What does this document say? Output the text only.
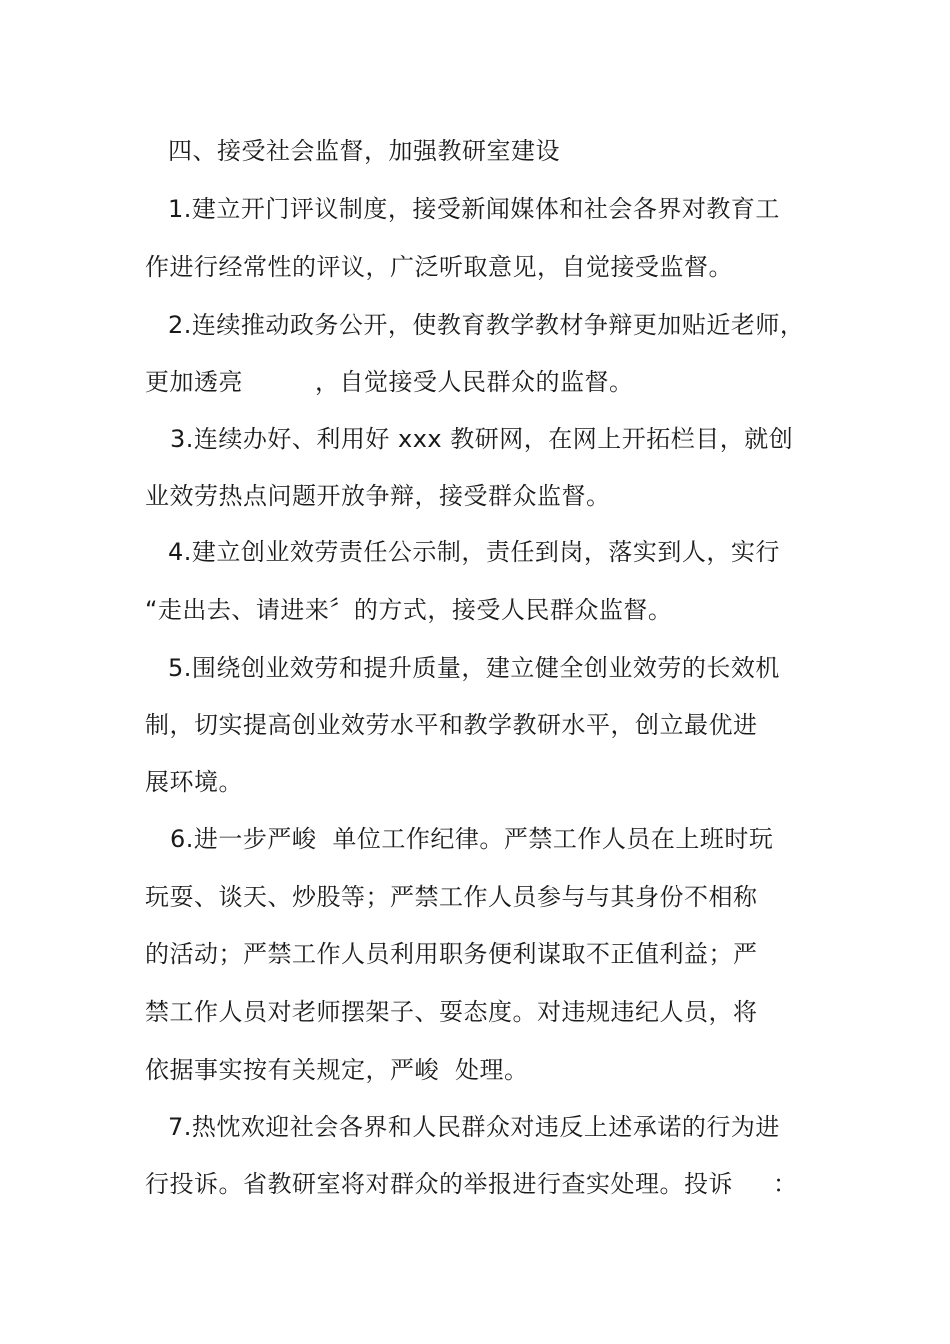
四、接受社会监督，加强教研室建设
1.建立开门评议制度，接受新闻媒体和社会各界对教育工
作进行经常性的评议，广泛听取意见，自觉接受监督。
2.连续推动政务公开，使教育教学教材争辩更加贴近老师，
更加透亮	，自觉接受人民群众的监督。
3.连续办好、利用好 xxx 教研网，在网上开拓栏目，就创
业效劳热点问题开放争辩，接受群众监督。
4.建立创业效劳责任公示制，责任到岗，落实到人，实行
“走出去、请进来〞的方式，接受人民群众监督。
5.围绕创业效劳和提升质量，建立健全创业效劳的长效机
制，切实提高创业效劳水平和教学教研水平，创立最优进
展环境。
6.进一步严峻 单位工作纪律。严禁工作人员在上班时玩
玩耍、谈天、炒股等；严禁工作人员参与与其身份不相称
的活动；严禁工作人员利用职务便利谋取不正值利益；严
禁工作人员对老师摆架子、耍态度。对违规违纪人员，将
依据事实按有关规定，严峻 处理。
7.热忱欢迎社会各界和人民群众对违反上述承诺的行为进
行投诉。省教研室将对群众的举报进行查实处理。投诉 ：
